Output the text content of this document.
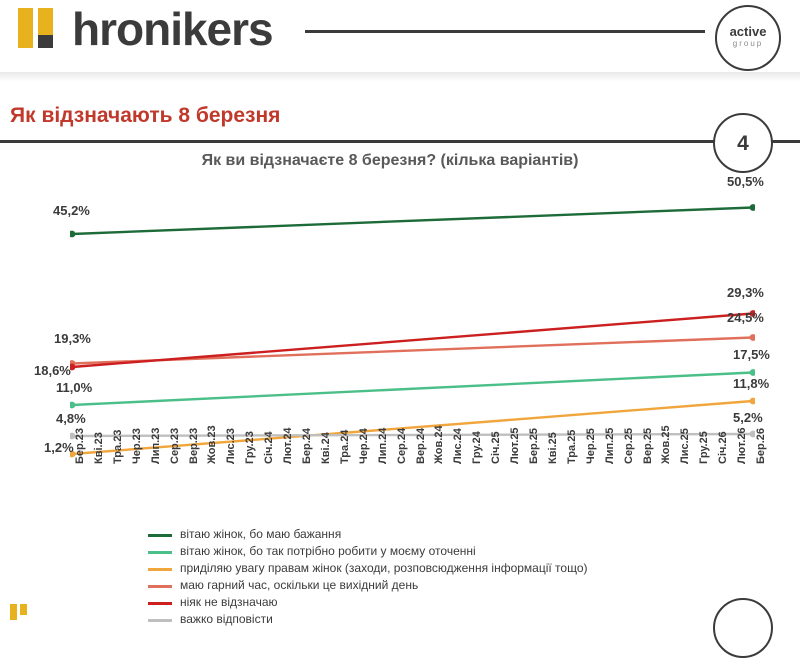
hronikers	active
group
Як відзначають 8 березня
4
Як ви відзначаєте 8 березня? (кілька варіантів)
45,2%
50,5%
11,0%
17,5%
1,2%
11,8%
19,3%
24,5%
18,6%
29,3%
4,8%	5,2%
Бер.23 Кві.23 Тра.23 Чер.23 Лип.23 Сер.23 Вер.23 Жов.23 Лис.23 Гру.23 Січ.24 Лют.24 Бер.24 Кві.24 Тра.24 Чер.24 Лип.24 Сер.24 Вер.24 Жов.24 Лис.24 Гру.24 Січ.25 Лют.25 Бер.25 Кві.25 Тра.25 Чер.25 Лип.25 Сер.25 Вер.25 Жов.25 Лис.25 Гру.25 Січ.26 Лют.26 Бер.26
вітаю жінок, бо маю бажання
вітаю жінок, бо так потрібно робити у моєму оточенні
приділяю увагу правам жінок (заходи, розповсюдження інформації тощо)
маю гарний час, оскільки це вихідний день
ніяк не відзначаю
важко відповісти
